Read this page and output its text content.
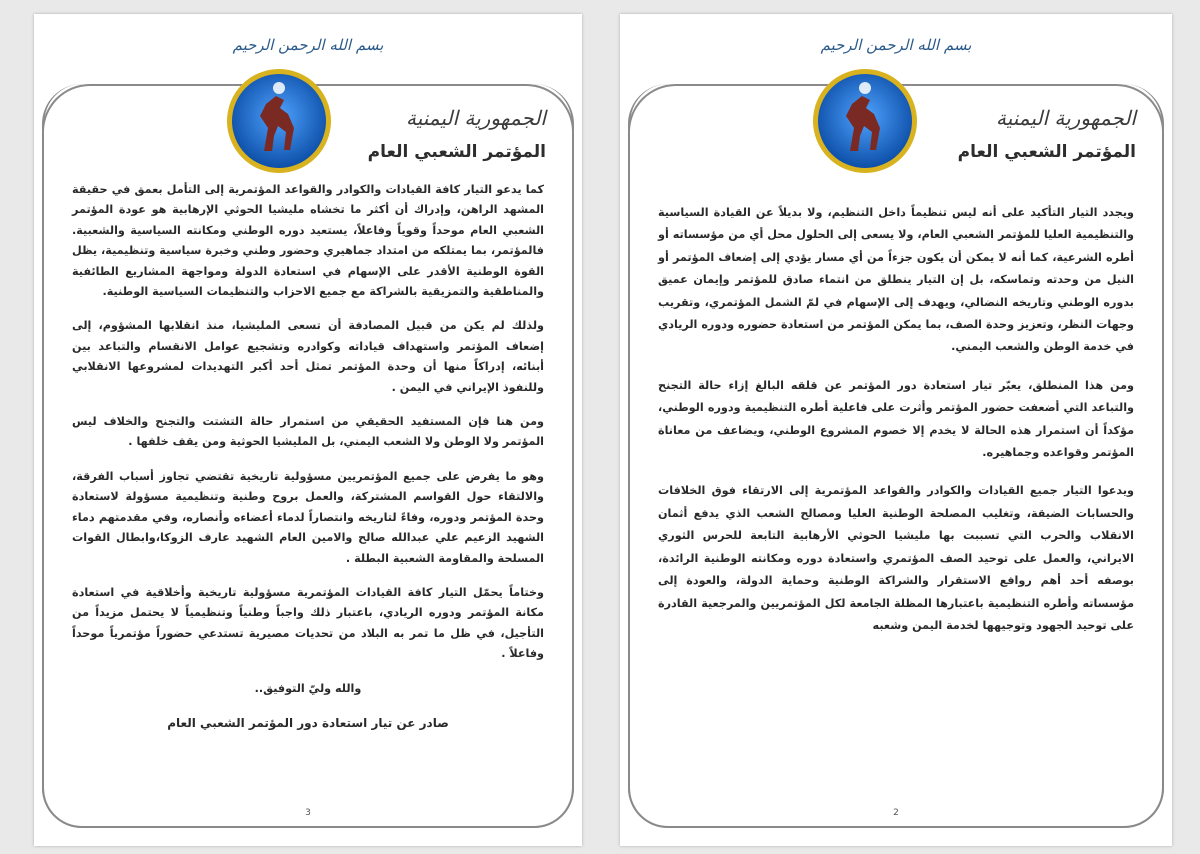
بسم الله الرحمن الرحيم
الجمهورية اليمنية
المؤتمر الشعبي العام

كما يدعو التيار كافة القيادات والكوادر والقواعد المؤتمرية إلى التأمل بعمق في حقيقة المشهد الراهن، وإدراك أن أكثر ما تخشاه مليشيا الحوثي الإرهابية هو عودة المؤتمر الشعبي العام موحداً وقوياً وفاعلاً، يستعيد دوره الوطني ومكانته السياسية والشعبية. فالمؤتمر، بما يمتلكه من امتداد جماهيري وحضور وطني وخبرة سياسية وتنظيمية، يظل القوة الوطنية الأقدر على الإسهام في استعادة الدولة ومواجهة المشاريع الطائفية والمناطقية والتمزيقية بالشراكة مع جميع الاحزاب والتنظيمات السياسية الوطنية.

ولذلك لم يكن من قبيل المصادفة أن تسعى المليشيا، منذ انقلابها المشؤوم، إلى إضعاف المؤتمر واستهداف قياداته وكوادره وتشجيع عوامل الانقسام والتباعد بين أبنائه، إدراكاً منها أن وحدة المؤتمر تمثل أحد أكبر التهديدات لمشروعها الانقلابي وللنفوذ الإيراني في اليمن .

ومن هنا فإن المستفيد الحقيقي من استمرار حالة التشتت والتجنح والخلاف ليس المؤتمر ولا الوطن ولا الشعب اليمني، بل المليشيا الحوثية ومن يقف خلفها .

وهو ما يفرض على جميع المؤتمريين مسؤولية تاريخية تقتضي تجاوز أسباب الفرقة، والالتقاء حول القواسم المشتركة، والعمل بروح وطنية وتنظيمية مسؤولة لاستعادة وحدة المؤتمر ودوره، وفاءً لتاريخه وانتصاراً لدماء أعضاءه وأنصاره، وفي مقدمتهم دماء الشهيد الزعيم علي عبدالله صالح والامين العام الشهيد عارف الزوكا،وابطال القوات المسلحة والمقاومة الشعبية البطلة .

وختاماً يحمّل التيار كافة القيادات المؤتمرية مسؤولية تاريخية وأخلاقية في استعادة مكانة المؤتمر ودوره الريادي، باعتبار ذلك واجباً وطنياً وتنظيمياً لا يحتمل مزيداً من التأجيل، في ظل ما تمر به البلاد من تحديات مصيرية تستدعي حضوراً مؤتمرياً موحداً وفاعلاً .

والله وليّ التوفيق..

صادر عن تيار استعادة دور المؤتمر الشعبي العام

3
بسم الله الرحمن الرحيم
الجمهورية اليمنية
المؤتمر الشعبي العام

ويجدد التيار التأكيد على أنه ليس تنظيماً داخل التنظيم، ولا بديلاً عن القيادة السياسية والتنظيمية العليا للمؤتمر الشعبي العام، ولا يسعى إلى الحلول محل أي من مؤسساته أو أطره الشرعية، كما أنه لا يمكن أن يكون جزءاً من أي مسار يؤدي إلى إضعاف المؤتمر أو النيل من وحدته وتماسكه، بل إن التيار ينطلق من انتماء صادق للمؤتمر وإيمان عميق بدوره الوطني وتاريخه النضالي، ويهدف إلى الإسهام في لمّ الشمل المؤتمري، وتقريب وجهات النظر، وتعزيز وحدة الصف، بما يمكن المؤتمر من استعادة حضوره ودوره الريادي في خدمة الوطن والشعب اليمني.

ومن هذا المنطلق، يعبّر تيار استعادة دور المؤتمر عن قلقه البالغ إزاء حالة التجنح والتباعد التي أضعفت حضور المؤتمر وأثرت على فاعلية أطره التنظيمية ودوره الوطني، مؤكداً أن استمرار هذه الحالة لا يخدم إلا خصوم المشروع الوطني، ويضاعف من معاناة المؤتمر وقواعده وجماهيره.

ويدعوا التيار جميع القيادات والكوادر والقواعد المؤتمرية إلى الارتقاء فوق الخلافات والحسابات الضيقة، وتغليب المصلحة الوطنية العليا ومصالح الشعب الذي يدفع أثمان الانقلاب والحرب التي تسببت بها مليشيا الحوثي الأرهابية التابعة للحرس الثوري الايراني، والعمل على توحيد الصف المؤتمري واستعادة دوره ومكانته الوطنية الرائدة، بوصفه أحد أهم روافع الاستقرار والشراكة الوطنية وحماية الدولة، والعودة إلى مؤسساته وأطره التنظيمية باعتبارها المظلة الجامعة لكل المؤتمريين والمرجعية القادرة على توحيد الجهود وتوجيهها لخدمة اليمن وشعبه

2
